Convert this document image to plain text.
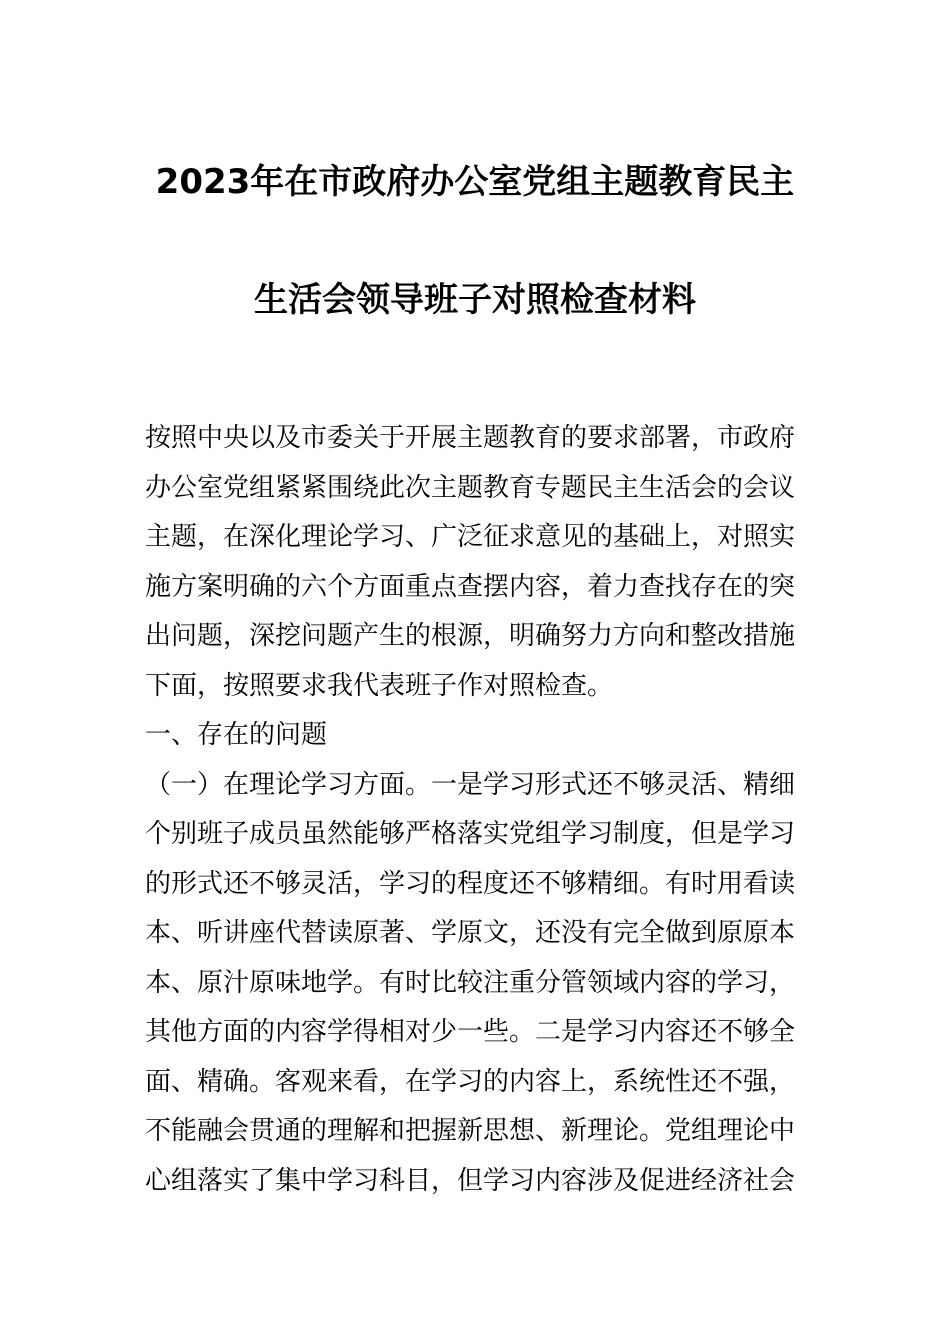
2023年在市政府办公室党组主题教育民主
生活会领导班子对照检查材料
按照中央以及市委关于开展主题教育的要求部署，市政府
办公室党组紧紧围绕此次主题教育专题民主生活会的会议
主题，在深化理论学习、广泛征求意见的基础上，对照实
施方案明确的六个方面重点查摆内容，着力查找存在的突
出问题，深挖问题产生的根源，明确努力方向和整改措施
下面，按照要求我代表班子作对照检查。
一、存在的问题
（一）在理论学习方面。一是学习形式还不够灵活、精细
个别班子成员虽然能够严格落实党组学习制度，但是学习
的形式还不够灵活，学习的程度还不够精细。有时用看读
本、听讲座代替读原著、学原文，还没有完全做到原原本
本、原汁原味地学。有时比较注重分管领域内容的学习，
其他方面的内容学得相对少一些。二是学习内容还不够全
面、精确。客观来看，在学习的内容上，系统性还不强，
不能融会贯通的理解和把握新思想、新理论。党组理论中
心组落实了集中学习科目，但学习内容涉及促进经济社会
